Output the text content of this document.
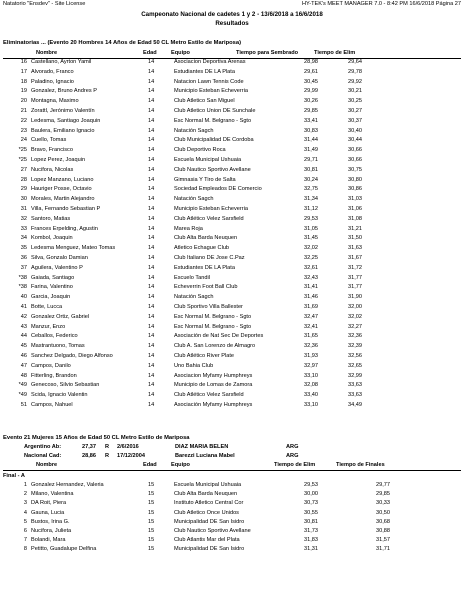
Natatorio "Ensdev" - Site License	HY-TEK's MEET MANAGER 7.0 - 8:42 PM 16/6/2018 Página 27
Campeonato Nacional de cadetes 1 y 2 - 13/6/2018 a 16/6/2018
Resultados
Eliminatorias ... (Evento 20 Hombres 14 Años de Edad 50 CL Metro Estilo de Mariposa)
Nombre	Edad	Equipo	Tiempo para Sembrado	Tiempo de Elim
16 Castellano, Ayrton Yamil	14	Asociacion Deportiva Arenas	28,98	29,64
17 Alvorado, Franco	14	Estudiantes DE LA Plata	29,61	29,78
18 Paladino, Ignacio	14	Natacion Lawn Tennis Code	30,45	29,92
19 Gonzalez, Bruno Andres P	14	Municipio Esteban Echeverria	29,99	30,21
20 Montagna, Maximo	14	Club Atletico San Miguel	30,26	30,25
21 Zorattl, Jerónimo Valentín	14	Club Atletico Union DE Sunchale	29,85	30,27
22 Ledesma, Santiago Joaquin	14	Esc Normal M. Belgrano - Sgto	33,41	30,37
23 Baulera, Emiliano Ignacio	14	Natación Sagch	30,83	30,40
24 Cuello, Tomas	14	Club Municipalidad DE Cordoba	31,44	30,44
*25 Bravo, Francisco	14	Club Deportivo Roca	31,49	30,66
*25 Lopez Perez, Joaquin	14	Escuela Municipal Ushuaia	29,71	30,66
27 Nucifora, Nicolas	14	Club Nautico Sportivo Avellane	30,81	30,75
28 Lopez Manzano, Luciano	14	Gimnasia Y Tiro de Salta	30,24	30,80
29 Hauriger Posse, Octavio	14	Sociedad Empleados DE Comercio	32,75	30,86
30 Morales, Martin Alejandro	14	Natación Sagch	31,34	31,03
31 Villa, Fernando Sebastian P	14	Municipio Esteban Echeverria	31,12	31,06
32 Santoro, Matias	14	Club Atlético Velez Sarsfield	29,53	31,08
33 Frances Erpelding, Agustin	14	Marea Roja	31,05	31,21
34 Kombol, Joaquin	14	Club Alta Barda Neuquen	31,45	31,50
35 Ledesma Menguez, Mateo Tomas	14	Atletico Echague Club	32,02	31,63
36 Silva, Gonzalo Damian	14	Club Italiano DE Jose C.Paz	32,25	31,67
37 Aguilera, Valentino P	14	Estudiantes DE LA Plata	32,61	31,72
*38 Gaiada, Santiago	14	Escuelo Tandil	32,43	31,77
*38 Farina, Valentino	14	Echeverrin Foot Ball Club	31,41	31,77
40 Garcia, Joaquin	14	Natación Sagch	31,46	31,90
41 Botte, Lucca	14	Club Sportivo Villa Ballester	31,69	32,00
42 Gonzalez Ortiz, Gabriel	14	Esc Normal M. Belgrano - Sgto	32,47	32,02
43 Manzur, Enzo	14	Esc Normal M. Belgrano - Sgto	32,41	32,27
44 Ceballos, Federico	14	Asociación de Nat Sec De Deportes	31,65	32,36
45 Mastrantuono, Tomas	14	Club A. San Lorenzo de Almagro	32,36	32,39
46 Sanchez Delgado, Diego Alfonso	14	Club Atlético River Plate	31,93	32,56
47 Campos, Danilo	14	Uno Bahia Club	32,97	32,65
48 Fitterling, Brandon	14	Asociacion Myfamy Humphreys	33,10	32,99
*49 Genecoso, Silvio Sebastian	14	Municipio de Lomas de Zamora	32,08	33,63
*49 Scida, Ignacio Valentin	14	Club Atlético Velez Sarsfield	33,40	33,63
51 Campos, Nahuel	14	Asociación Myfamy Humphreys	33,10	34,49
Evento 21 Mujeres 15 Años de Edad 50 CL Metro Estilo de Mariposa
Argentino Ab:	27,37 R 2/6/2016	DIAZ MARIA BELEN	ARG
Nacional Cad:	28,86 R 17/12/2004	Barezzi Luciana Mabel	ARG
Nombre	Edad	Equipo	Tiempo de Elim	Tiempo de Finales
Final - A
1 Gonzalez Hernandez, Valeria	15	Escuela Municipal Ushuaia	29,53	29,77
2 Milano, Valentina	15	Club Alta Barda Neuquen	30,00	29,85
3 DA Roit, Piera	15	Instituto Atletico Central Cor	30,73	30,33
4 Gauna, Lucia	15	Club Atletico Once Unidos	30,55	30,50
5 Bustos, Irina G.	15	Municipalidad DE San Isidro	30,81	30,68
6 Nucifora, Julieta	15	Club Nautico Sportivo Avellane	31,73	30,88
7 Bolandi, Mara	15	Club Atlantis Mar del Plata	31,83	31,57
8 Petitto, Guadalupe Delfina	15	Municipalidad DE San Isidro	31,31	31,71
